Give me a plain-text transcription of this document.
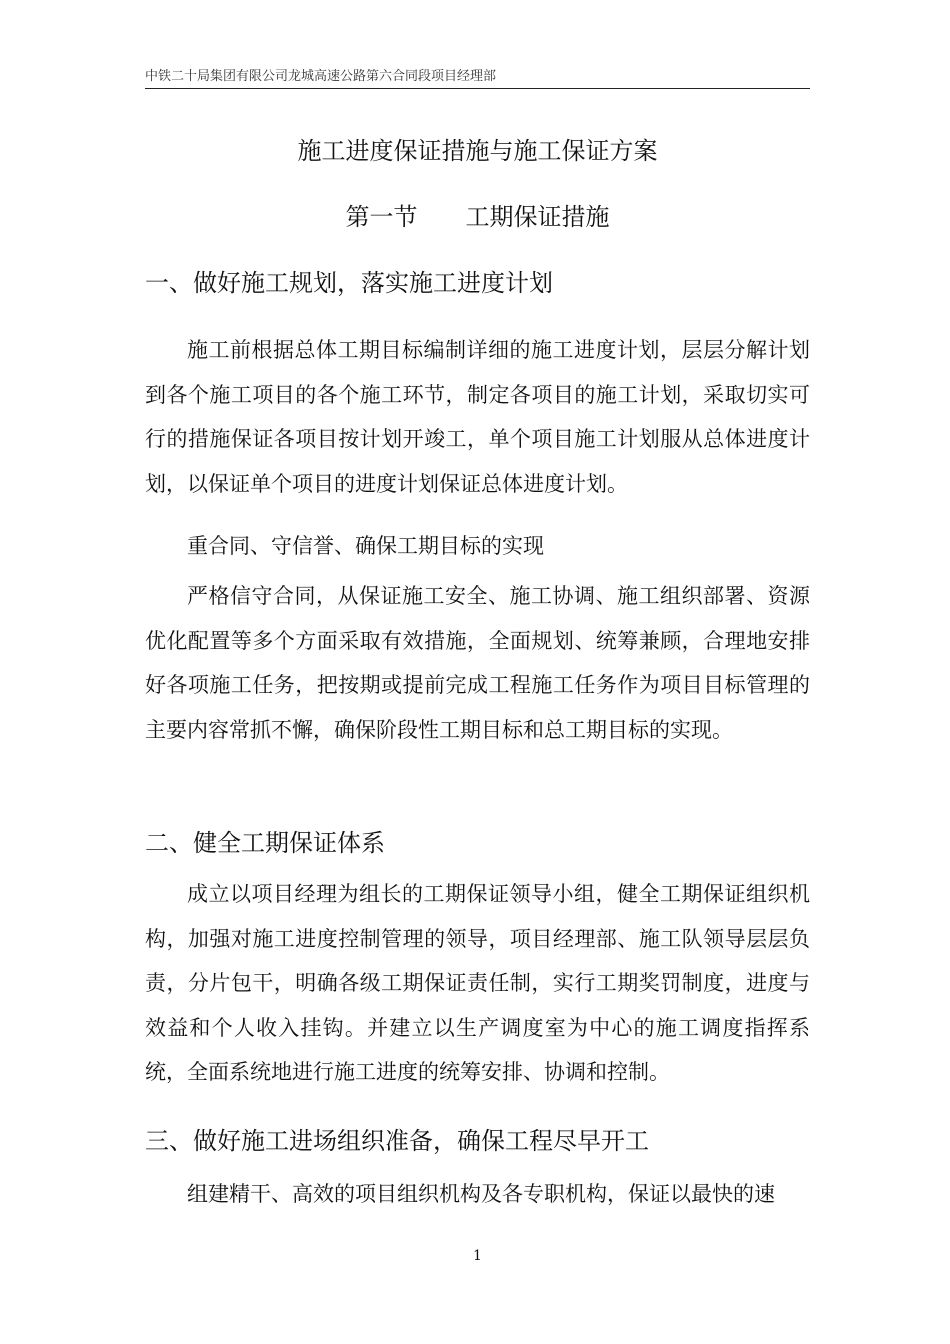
中铁二十局集团有限公司龙城高速公路第六合同段项目经理部
施工进度保证措施与施工保证方案
第一节　　工期保证措施
一、做好施工规划，落实施工进度计划
施工前根据总体工期目标编制详细的施工进度计划，层层分解计划到各个施工项目的各个施工环节，制定各项目的施工计划，采取切实可行的措施保证各项目按计划开竣工，单个项目施工计划服从总体进度计划，以保证单个项目的进度计划保证总体进度计划。
重合同、守信誉、确保工期目标的实现
严格信守合同，从保证施工安全、施工协调、施工组织部署、资源优化配置等多个方面采取有效措施，全面规划、统筹兼顾，合理地安排好各项施工任务，把按期或提前完成工程施工任务作为项目目标管理的主要内容常抓不懈，确保阶段性工期目标和总工期目标的实现。
二、健全工期保证体系
成立以项目经理为组长的工期保证领导小组，健全工期保证组织机构，加强对施工进度控制管理的领导，项目经理部、施工队领导层层负责，分片包干，明确各级工期保证责任制，实行工期奖罚制度，进度与效益和个人收入挂钩。并建立以生产调度室为中心的施工调度指挥系统，全面系统地进行施工进度的统筹安排、协调和控制。
三、做好施工进场组织准备，确保工程尽早开工
组建精干、高效的项目组织机构及各专职机构，保证以最快的速
1
